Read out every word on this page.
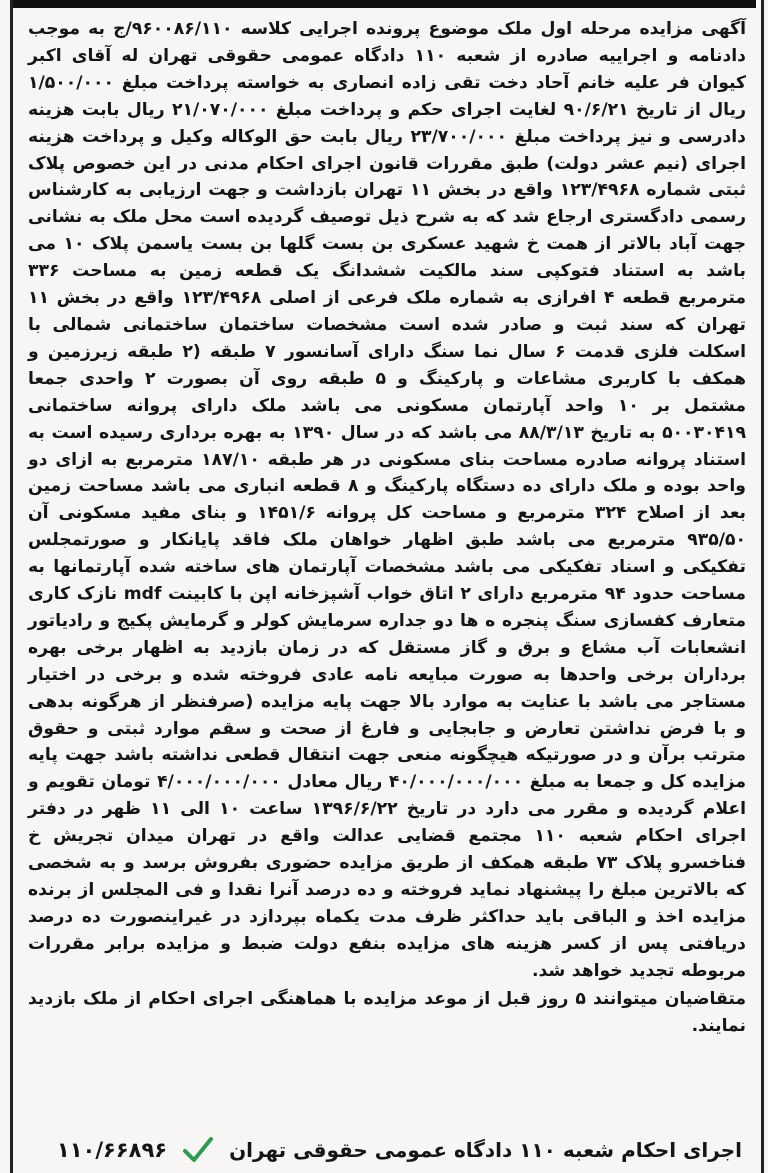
آگهی مزایده مرحله اول ملک موضوع پرونده اجرایی کلاسه ۹۶۰۰۸۶/۱۱۰/ج به موجب دادنامه و اجراییه صادره از شعبه ۱۱۰ دادگاه عمومی حقوقی تهران له آقای اکبر کیوان فر علیه خانم آحاد دخت تقی زاده انصاری به خواسته پرداخت مبلغ ۱/۵۰۰/۰۰۰ ریال از تاریخ ۹۰/۶/۲۱ لغایت اجرای حکم و پرداخت مبلغ ۲۱/۰۷۰/۰۰۰ ریال بابت هزینه دادرسی و نیز پرداخت مبلغ ۲۳/۷۰۰/۰۰۰ ریال بابت حق الوکاله وکیل و پرداخت هزینه اجرای (نیم عشر دولت) طبق مقررات قانون اجرای احکام مدنی در این خصوص پلاک ثبتی شماره ۱۲۳/۴۹۶۸ واقع در بخش ۱۱ تهران بازداشت و جهت ارزیابی به کارشناس رسمی دادگستری ارجاع شد که به شرح ذیل توصیف گردیده است محل ملک به نشانی جهت آباد بالاتر از همت خ شهید عسکری بن بست گلها بن بست یاسمن پلاک ۱۰ می باشد به استناد فتوکپی سند مالکیت ششدانگ یک قطعه زمین به مساحت ۳۳۶ مترمربع قطعه ۴ افرازی به شماره ملک فرعی از اصلی ۱۲۳/۴۹۶۸ واقع در بخش ۱۱ تهران که سند ثبت و صادر شده است مشخصات ساختمان ساختمانی شمالی با اسکلت فلزی قدمت ۶ سال نما سنگ دارای آسانسور ۷ طبقه (۲ طبقه زیرزمین و همکف با کاربری مشاعات و پارکینگ و ۵ طبقه روی آن بصورت ۲ واحدی جمعا مشتمل بر ۱۰ واحد آپارتمان مسکونی می باشد ملک دارای پروانه ساختمانی ۵۰۰۳۰۴۱۹ به تاریخ ۸۸/۳/۱۳ می باشد که در سال ۱۳۹۰ به بهره برداری رسیده است به استناد پروانه صادره مساحت بنای مسکونی در هر طبقه ۱۸۷/۱۰ مترمربع به ازای دو واحد بوده و ملک دارای ده دستگاه پارکینگ و ۸ قطعه انباری می باشد مساحت زمین بعد از اصلاح ۳۲۴ مترمربع و مساحت کل پروانه ۱۴۵۱/۶ و بنای مفید مسکونی آن ۹۳۵/۵۰ مترمربع می باشد طبق اظهار خواهان ملک فاقد پایانکار و صورتمجلس تفکیکی و اسناد تفکیکی می باشد مشخصات آپارتمان های ساخته شده آپارتمانها به مساحت حدود ۹۴ مترمربع دارای ۲ اتاق خواب آشپزخانه اپن با کابینت mdf نازک کاری متعارف کفسازی سنگ پنجره ه ها دو جداره سرمایش کولر و گرمایش پکیج و رادیاتور انشعابات آب مشاع و برق و گاز مستقل که در زمان بازدید به اظهار برخی بهره برداران برخی واحدها به صورت مبایعه نامه عادی فروخته شده و برخی در اختیار مستاجر می باشد با عنایت به موارد بالا جهت پایه مزایده (صرفنظر از هرگونه بدهی و با فرض نداشتن تعارض و جابجایی و فارغ از صحت و سقم موارد ثبتی و حقوق مترتب برآن و در صورتیکه هیچگونه منعی جهت انتقال قطعی نداشته باشد جهت پایه مزایده کل و جمعا به مبلغ ۴۰/۰۰۰/۰۰۰/۰۰۰ ریال معادل ۴/۰۰۰/۰۰۰/۰۰۰ تومان تقویم و اعلام گردیده و مقرر می دارد در تاریخ ۱۳۹۶/۶/۲۲ ساعت ۱۰ الی ۱۱ ظهر در دفتر اجرای احکام شعبه ۱۱۰ مجتمع قضایی عدالت واقع در تهران میدان تجریش خ فناخسرو پلاک ۷۳ طبقه همکف از طریق مزایده حضوری بفروش برسد و به شخصی که بالاترین مبلغ را پیشنهاد نماید فروخته و ده درصد آنرا نقدا و فی المجلس از برنده مزایده اخذ و الباقی باید حداکثر ظرف مدت یکماه بپردازد در غیراینصورت ده درصد دریافتی پس از کسر هزینه های مزایده بنفع دولت ضبط و مزایده برابر مقررات مربوطه تجدید خواهد شد.

متقاضیان میتوانند ۵ روز قبل از موعد مزایده با هماهنگی اجرای احکام از ملک بازدید نمایند.

اجرای احکام شعبه ۱۱۰ دادگاه عمومی حقوقی تهران
۱۱۰/۶۶۸۹۶
